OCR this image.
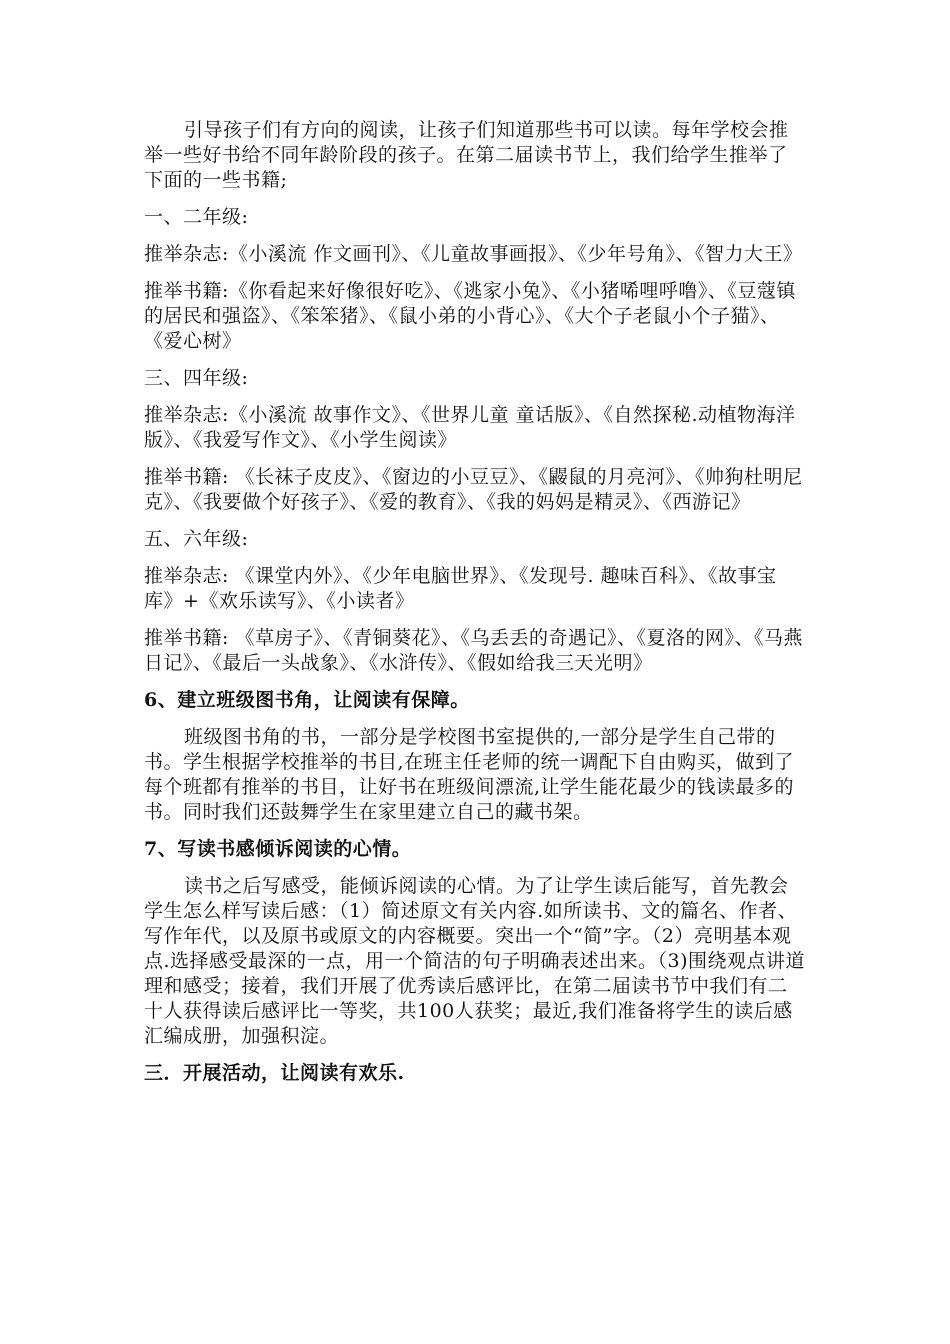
引导孩子们有方向的阅读，让孩子们知道那些书可以读。每年学校会推举一些好书给不同年龄阶段的孩子。在第二届读书节上，我们给学生推举了下面的一些书籍;

一、二年级:

推举杂志:《小溪流 作文画刊》、《儿童故事画报》、《少年号角》、《智力大王》

推举书籍:《你看起来好像很好吃》、《逃家小兔》、《小猪唏哩呼噜》、《豆蔻镇的居民和强盗》、《笨笨猪》、《鼠小弟的小背心》、《大个子老鼠小个子猫》、《爱心树》

三、四年级:

推举杂志:《小溪流 故事作文》、《世界儿童 童话版》、《自然探秘.动植物海洋版》、《我爱写作文》、《小学生阅读》

推举书籍: 《长袜子皮皮》、《窗边的小豆豆》、《鼹鼠的月亮河》、《帅狗杜明尼克》、《我要做个好孩子》、《爱的教育》、《我的妈妈是精灵》、《西游记》

五、六年级:

推举杂志: 《课堂内外》、《少年电脑世界》、《发现号. 趣味百科》、《故事宝库》+《欢乐读写》、《小读者》

推举书籍: 《草房子》、《青铜葵花》、《乌丢丢的奇遇记》、《夏洛的网》、《马燕日记》、《最后一头战象》、《水浒传》、《假如给我三天光明》

6、建立班级图书角，让阅读有保障。

班级图书角的书，一部分是学校图书室提供的,一部分是学生自己带的书。学生根据学校推举的书目,在班主任老师的统一调配下自由购买，做到了每个班都有推举的书目，让好书在班级间漂流,让学生能花最少的钱读最多的书。同时我们还鼓舞学生在家里建立自己的藏书架。

7、写读书感倾诉阅读的心情。

读书之后写感受，能倾诉阅读的心情。为了让学生读后能写，首先教会学生怎么样写读后感：（1）简述原文有关内容.如所读书、文的篇名、作者、写作年代，以及原书或原文的内容概要。突出一个“简”字。（2）亮明基本观点.选择感受最深的一点，用一个简洁的句子明确表述出来。（3)围绕观点讲道理和感受；接着，我们开展了优秀读后感评比，在第二届读书节中我们有二十人获得读后感评比一等奖，共100人获奖；最近,我们准备将学生的读后感汇编成册，加强积淀。

三．开展活动，让阅读有欢乐.
